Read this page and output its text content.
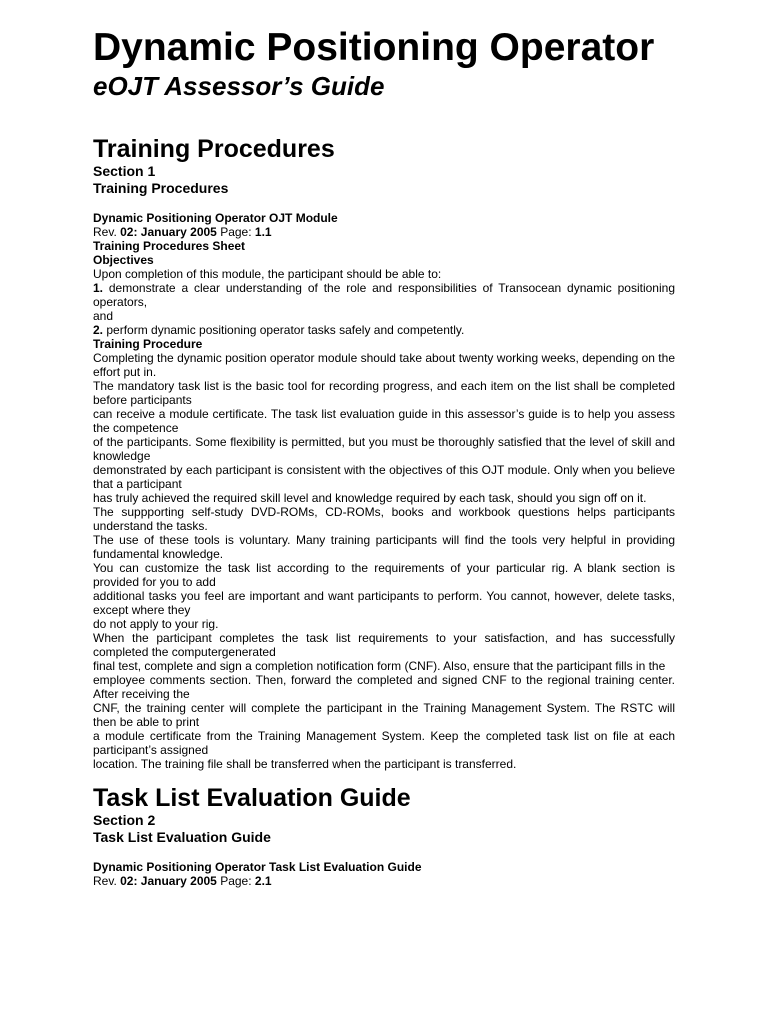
Dynamic Positioning Operator
eOJT Assessor’s Guide
Training Procedures
Section 1
Training Procedures

Dynamic Positioning Operator OJT Module

Rev. 02: January 2005 Page: 1.1

Training Procedures Sheet

Objectives

Upon completion of this module, the participant should be able to:

1. demonstrate a clear understanding of the role and responsibilities of Transocean dynamic positioning operators,

and

2. perform dynamic positioning operator tasks safely and competently.

Training Procedure

Completing the dynamic position operator module should take about twenty working weeks, depending on the effort put in.

The mandatory task list is the basic tool for recording progress, and each item on the list shall be completed before participants

can receive a module certificate. The task list evaluation guide in this assessor’s guide is to help you assess the competence

of the participants. Some flexibility is permitted, but you must be thoroughly satisfied that the level of skill and knowledge

demonstrated by each participant is consistent with the objectives of this OJT module. Only when you believe that a participant

has truly achieved the required skill level and knowledge required by each task, should you sign off on it.

The suppporting self-study DVD-ROMs, CD-ROMs, books and workbook questions helps participants understand the tasks.

The use of these tools is voluntary. Many training participants will find the tools very helpful in providing fundamental knowledge.

You can customize the task list according to the requirements of your particular rig. A blank section is provided for you to add

additional tasks you feel are important and want participants to perform. You cannot, however, delete tasks, except where they

do not apply to your rig.

When the participant completes the task list requirements to your satisfaction, and has successfully completed the computergenerated

final test, complete and sign a completion notification form (CNF). Also, ensure that the participant fills in the

employee comments section. Then, forward the completed and signed CNF to the regional training center. After receiving the

CNF, the training center will complete the participant in the Training Management System. The RSTC will then be able to print

a module certificate from the Training Management System. Keep the completed task list on file at each participant’s assigned

location. The training file shall be transferred when the participant is transferred.

Task List Evaluation Guide
Section 2
Task List Evaluation Guide

Dynamic Positioning Operator Task List Evaluation Guide

Rev. 02: January 2005 Page: 2.1
